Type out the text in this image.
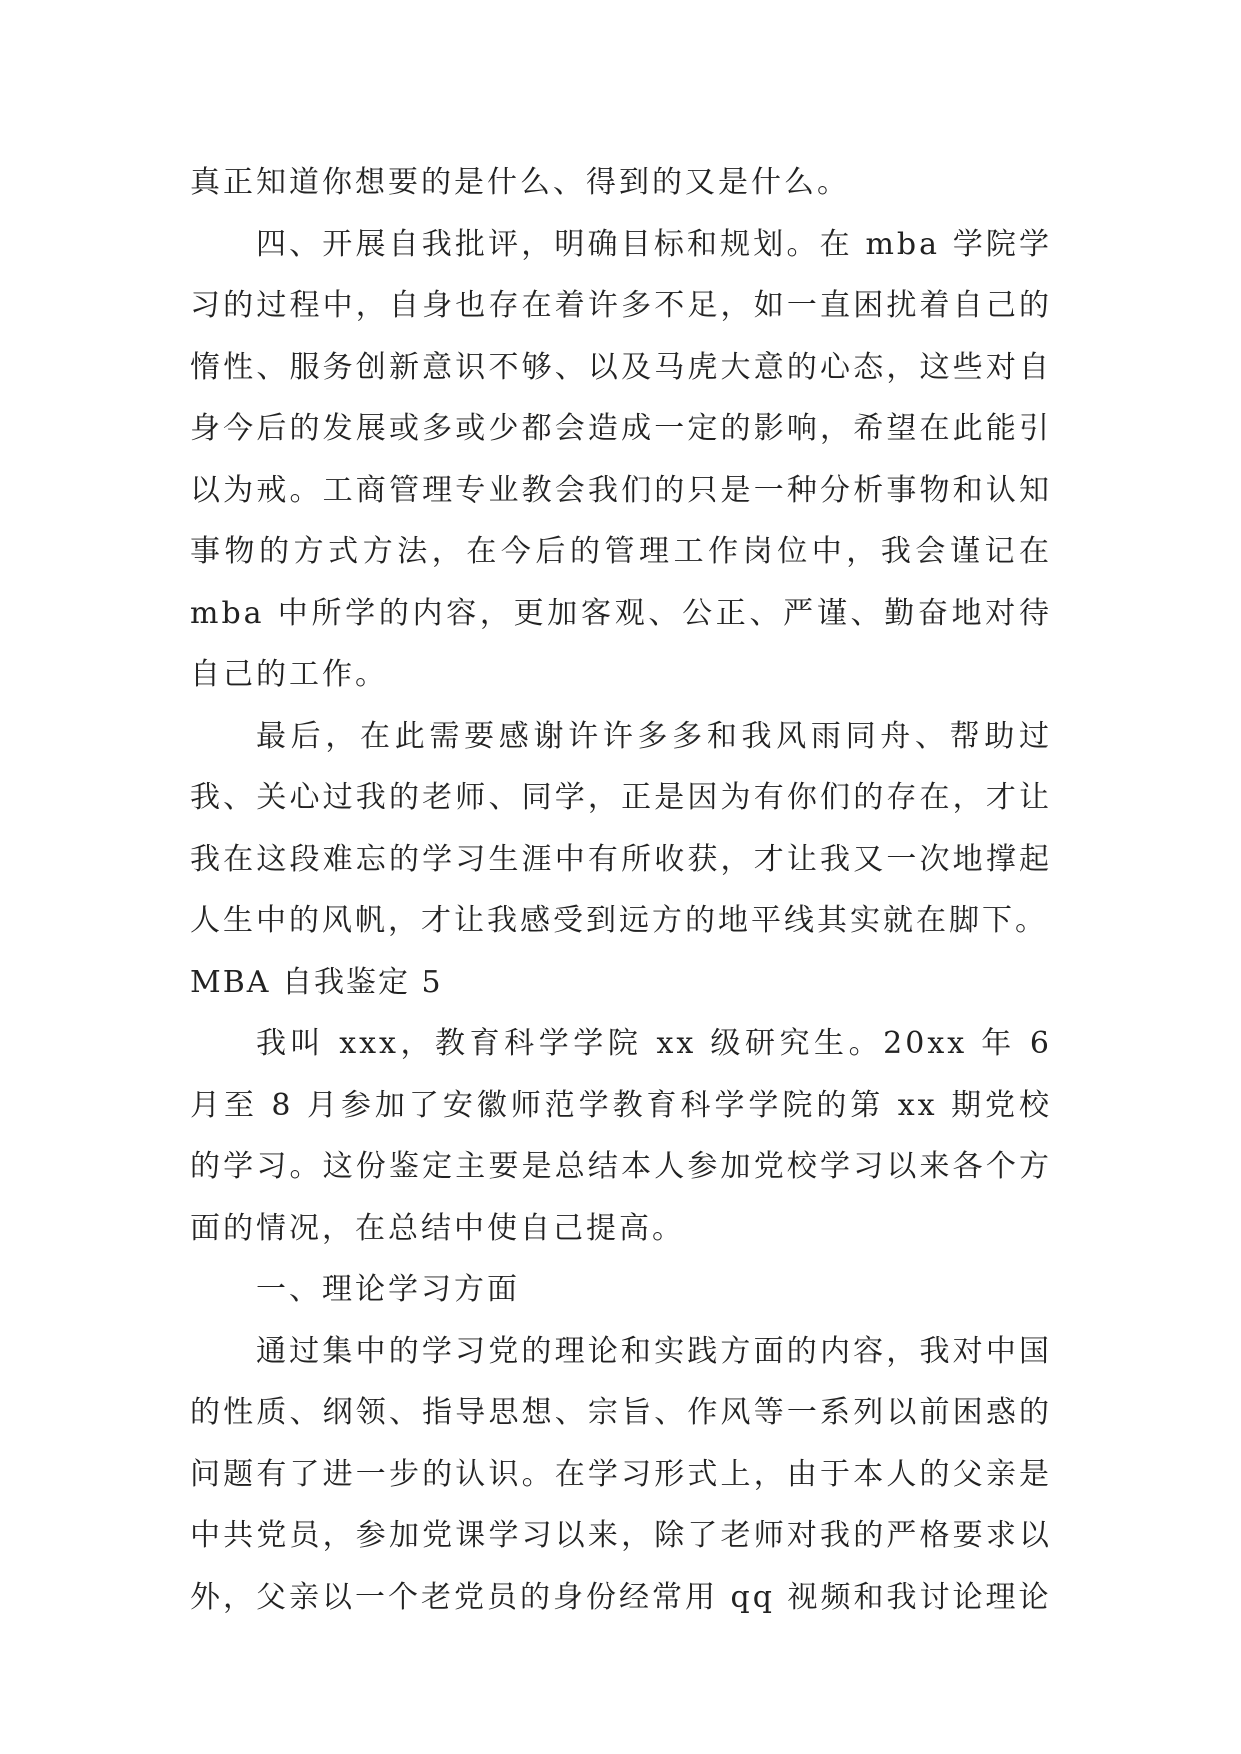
真正知道你想要的是什么、得到的又是什么。

四、开展自我批评，明确目标和规划。在 mba 学院学习的过程中，自身也存在着许多不足，如一直困扰着自己的惰性、服务创新意识不够、以及马虎大意的心态，这些对自身今后的发展或多或少都会造成一定的影响，希望在此能引以为戒。工商管理专业教会我们的只是一种分析事物和认知事物的方式方法，在今后的管理工作岗位中，我会谨记在 mba 中所学的内容，更加客观、公正、严谨、勤奋地对待自己的工作。

最后，在此需要感谢许许多多和我风雨同舟、帮助过我、关心过我的老师、同学，正是因为有你们的存在，才让我在这段难忘的学习生涯中有所收获，才让我又一次地撑起人生中的风帆，才让我感受到远方的地平线其实就在脚下。

MBA 自我鉴定 5

我叫 xxx，教育科学学院 xx 级研究生。20xx 年 6 月至 8 月参加了安徽师范学教育科学学院的第 xx 期党校的学习。这份鉴定主要是总结本人参加党校学习以来各个方面的情况，在总结中使自己提高。

一、理论学习方面

通过集中的学习党的理论和实践方面的内容，我对中国的性质、纲领、指导思想、宗旨、作风等一系列以前困惑的问题有了进一步的认识。在学习形式上，由于本人的父亲是中共党员，参加党课学习以来，除了老师对我的严格要求以外，父亲以一个老党员的身份经常用 qq 视频和我讨论理论
